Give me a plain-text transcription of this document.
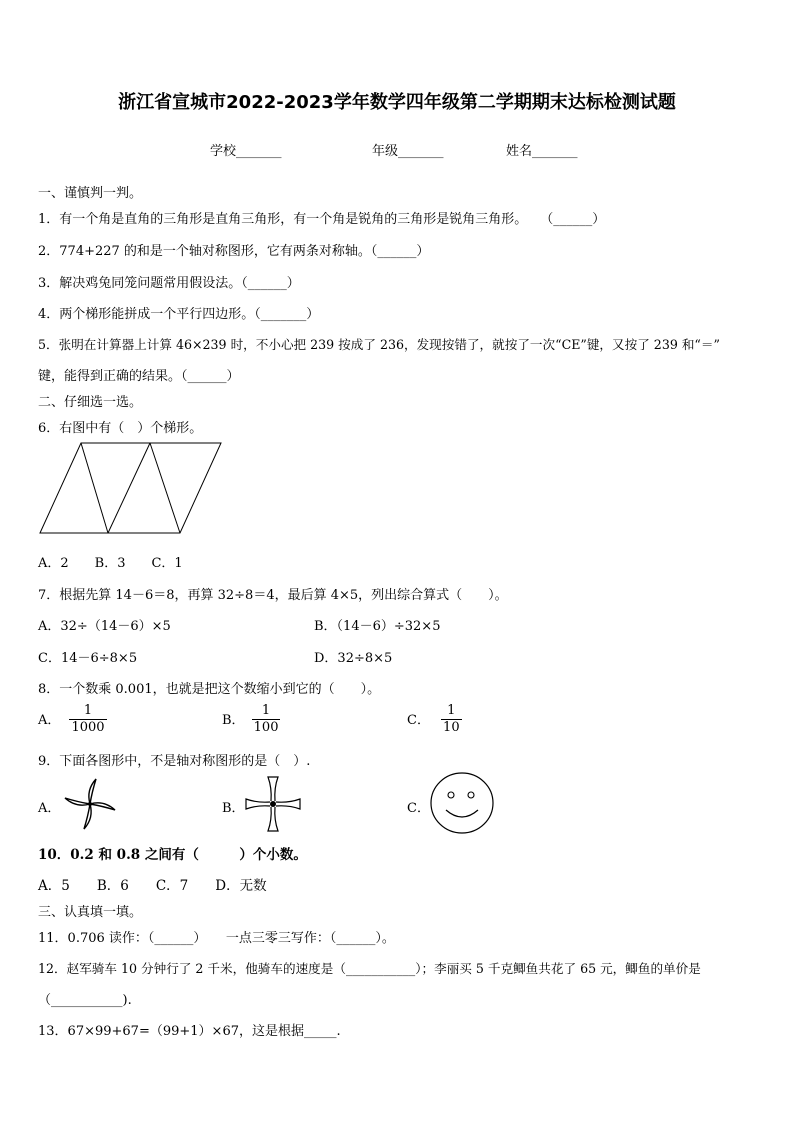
浙江省宣城市2022-2023学年数学四年级第二学期期末达标检测试题
学校_______	年级_______	姓名_______
一、谨慎判一判。
1．有一个角是直角的三角形是直角三角形，有一个角是锐角的三角形是锐角三角形。　　（______）
2．774+227 的和是一个轴对称图形，它有两条对称轴。（______）
3．解决鸡兔同笼问题常用假设法。（______）
4．两个梯形能拼成一个平行四边形。（_______）
5．张明在计算器上计算 46×239 时，不小心把 239 按成了 236，发现按错了，就按了一次“CE”键，又按了 239 和“＝”
键，能得到正确的结果。（______）
二、仔细选一选。
6．右图中有（　）个梯形。
A．2　　B．3　　C．1
7．根据先算 14－6＝8，再算 32÷8＝4，最后算 4×5，列出综合算式（　　）。
A．32÷（14－6）×5	B．（14－6）÷32×5
C．14－6÷8×5	D．32÷8×5
8．一个数乘 0.001，也就是把这个数缩小到它的（　　）。
A． $\frac{1}{1000}$	B． $\frac{1}{100}$	C． $\frac{1}{10}$
9．下面各图形中，不是轴对称图形的是（　）.
A．	B．	C．
10．0.2 和 0.8 之间有（　　　）个小数。
A．5　　B．6　　C．7　　D．无数
三、认真填一填。
11．0.706 读作：（______）　　一点三零三写作：（______）。
12．赵军骑车 10 分钟行了 2 千米，他骑车的速度是（___________）；李丽买 5 千克鲫鱼共花了 65 元，鲫鱼的单价是
（___________).
13．67×99+67=（99+1）×67，这是根据_____.
